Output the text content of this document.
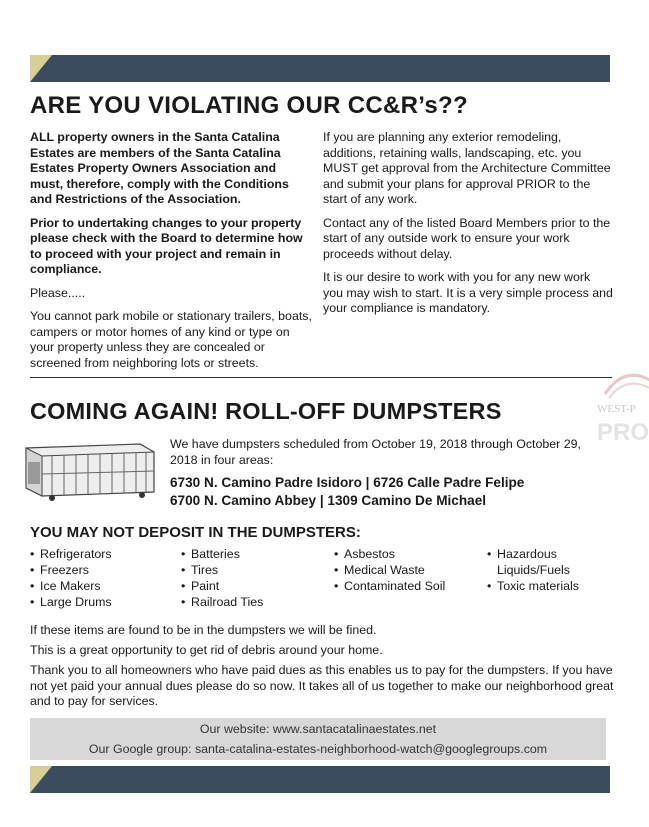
ARE YOU VIOLATING OUR CC&R’s??

ALL property owners in the Santa Catalina Estates are members of the Santa Catalina Estates Property Owners Association and must, therefore, comply with the Conditions and Restrictions of the Association.

Prior to undertaking changes to your property please check with the Board to determine how to proceed with your project and remain in compliance.

Please.....

You cannot park mobile or stationary trailers, boats, campers or motor homes of any kind or type on your property unless they are concealed or screened from neighboring lots or streets.

If you are planning any exterior remodeling, additions, retaining walls, landscaping, etc. you MUST get approval from the Architecture Committee and submit your plans for approval PRIOR to the start of any work.

Contact any of the listed Board Members prior to the start of any outside work to ensure your work proceeds without delay.

It is our desire to work with you for any new work you may wish to start. It is a very simple process and your compliance is mandatory.

WEST-P
PRO
COMING AGAIN! ROLL-OFF DUMPSTERS
We have dumpsters scheduled from October 19, 2018 through October 29, 2018 in four areas:
6730 N. Camino Padre Isidoro | 6726 Calle Padre Felipe
6700 N. Camino Abbey | 1309 Camino De Michael
YOU MAY NOT DEPOSIT IN THE DUMPSTERS:
• Refrigerators
• Freezers
• Ice Makers
• Large Drums
• Batteries
• Tires
• Paint
• Railroad Ties
• Asbestos
• Medical Waste
• Contaminated Soil
• Hazardous Liquids/Fuels
• Toxic materials
If these items are found to be in the dumpsters we will be fined.
This is a great opportunity to get rid of debris around your home.
Thank you to all homeowners who have paid dues as this enables us to pay for the dumpsters. If you have not yet paid your annual dues please do so now. It takes all of us together to make our neighborhood great and to pay for services.
Our website: www.santacatalinaestates.net
Our Google group: santa-catalina-estates-neighborhood-watch@googlegroups.com
